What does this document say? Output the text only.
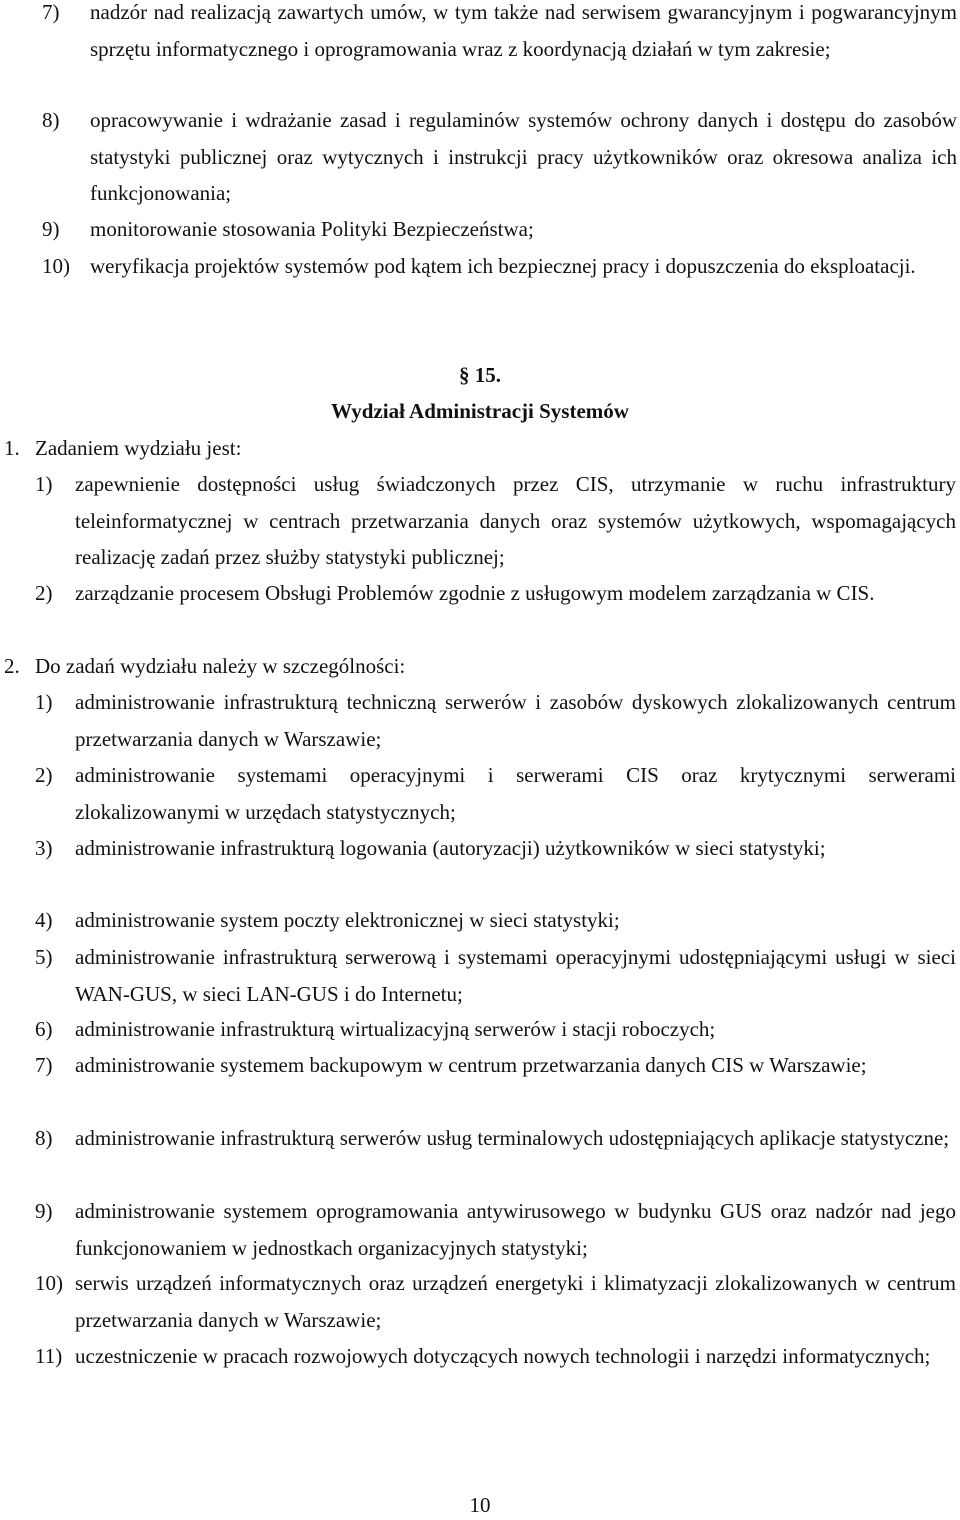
7)	nadzór nad realizacją zawartych umów, w tym także nad serwisem gwarancyjnym i pogwarancyjnym sprzętu informatycznego i oprogramowania wraz z koordynacją działań w tym zakresie;
8)	opracowywanie i wdrażanie zasad i regulaminów systemów ochrony danych i dostępu do zasobów statystyki publicznej oraz wytycznych i instrukcji pracy użytkowników oraz okresowa analiza ich funkcjonowania;
9)	monitorowanie stosowania Polityki Bezpieczeństwa;
10) weryfikacja projektów systemów pod kątem ich bezpiecznej pracy i dopuszczenia do eksploatacji.
§ 15.
Wydział Administracji Systemów
1. Zadaniem wydziału jest:
1)	zapewnienie dostępności usług świadczonych przez CIS, utrzymanie w ruchu infrastruktury teleinformatycznej w centrach przetwarzania danych oraz systemów użytkowych, wspomagających realizację zadań przez służby statystyki publicznej;
2)	zarządzanie procesem Obsługi Problemów zgodnie z usługowym modelem zarządzania w CIS.
2. Do zadań wydziału należy w szczególności:
1)	administrowanie infrastrukturą techniczną serwerów i zasobów dyskowych zlokalizowanych centrum przetwarzania danych w Warszawie;
2)	administrowanie systemami operacyjnymi i serwerami CIS oraz krytycznymi serwerami zlokalizowanymi w urzędach statystycznych;
3)	administrowanie infrastrukturą logowania (autoryzacji) użytkowników w sieci statystyki;
4)	administrowanie system poczty elektronicznej w sieci statystyki;
5)	administrowanie infrastrukturą serwerową i systemami operacyjnymi udostępniającymi usługi w sieci WAN-GUS, w sieci LAN-GUS i do Internetu;
6)	administrowanie infrastrukturą wirtualizacyjną serwerów i stacji roboczych;
7)	administrowanie systemem backupowym w centrum przetwarzania danych CIS w Warszawie;
8)	administrowanie infrastrukturą serwerów usług terminalowych udostępniających aplikacje statystyczne;
9)	administrowanie systemem oprogramowania antywirusowego w budynku GUS oraz nadzór nad jego funkcjonowaniem w jednostkach organizacyjnych statystyki;
10) serwis urządzeń informatycznych oraz urządzeń energetyki i klimatyzacji zlokalizowanych w centrum przetwarzania danych w Warszawie;
11) uczestniczenie w pracach rozwojowych dotyczących nowych technologii i narzędzi informatycznych;
10
